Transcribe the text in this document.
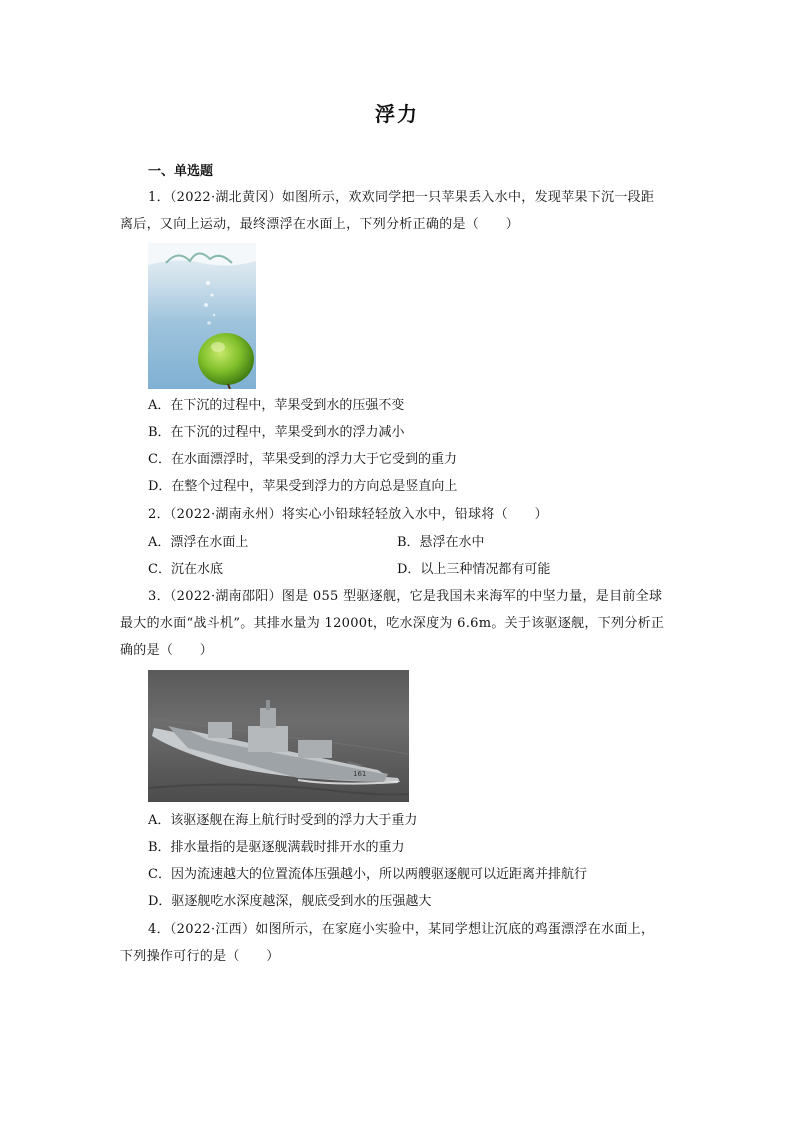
浮力
一、单选题
1．（2022·湖北黄冈）如图所示，欢欢同学把一只苹果丢入水中，发现苹果下沉一段距
离后，又向上运动，最终漂浮在水面上，下列分析正确的是（　　）
A．在下沉的过程中，苹果受到水的压强不变
B．在下沉的过程中，苹果受到水的浮力减小
C．在水面漂浮时，苹果受到的浮力大于它受到的重力
D．在整个过程中，苹果受到浮力的方向总是竖直向上
2．（2022·湖南永州）将实心小铅球轻轻放入水中，铅球将（　　）
A．漂浮在水面上	B．悬浮在水中
C．沉在水底	D．以上三种情况都有可能
3．（2022·湖南邵阳）图是 055 型驱逐舰，它是我国未来海军的中坚力量，是目前全球
最大的水面“战斗机”。其排水量为 12000t，吃水深度为 6.6m。关于该驱逐舰，下列分析正
确的是（　　）
161
A．该驱逐舰在海上航行时受到的浮力大于重力
B．排水量指的是驱逐舰满载时排开水的重力
C．因为流速越大的位置流体压强越小，所以两艘驱逐舰可以近距离并排航行
D．驱逐舰吃水深度越深，舰底受到水的压强越大
4．（2022·江西）如图所示，在家庭小实验中，某同学想让沉底的鸡蛋漂浮在水面上，
下列操作可行的是（　　）
